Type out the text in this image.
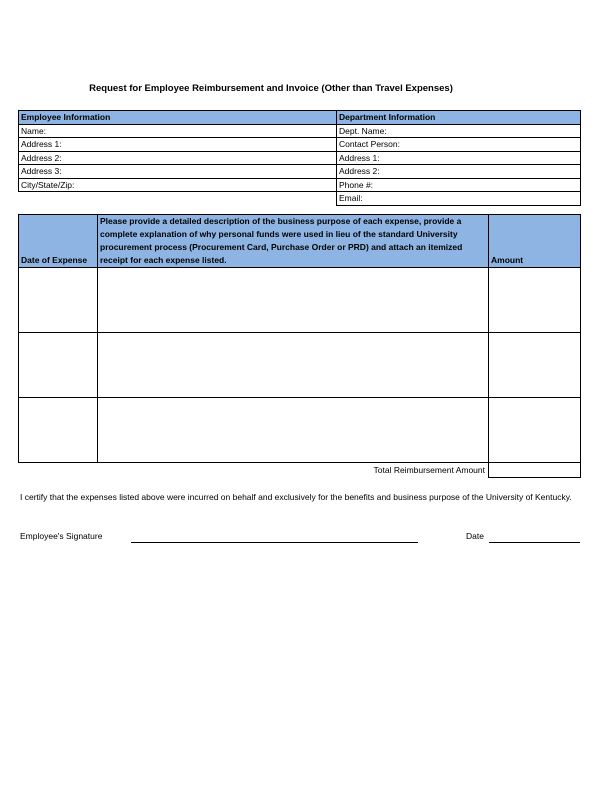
Request for Employee Reimbursement and Invoice (Other than Travel Expenses)
Employee Information	Department Information
Name:	Dept. Name:
Address 1:	Contact Person:
Address 2:	Address 1:
Address 3:	Address 2:
City/State/Zip:	Phone #:
	Email:
Date of Expense	Please provide a detailed description of the business purpose of each expense, provide a complete explanation of why personal funds were used in lieu of the standard University procurement process (Procurement Card, Purchase Order or PRD) and attach an itemized receipt for each expense listed.	Amount

	Total Reimbursement Amount	
I certify that the expenses listed above were incurred on behalf and exclusively for the benefits and business purpose of the University of Kentucky.
Employee's Signature	Date
